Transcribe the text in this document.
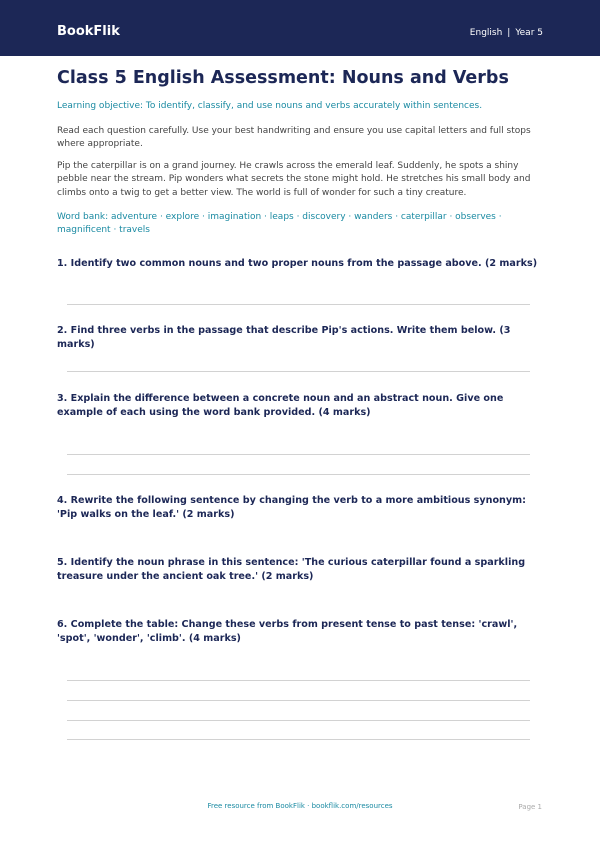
BookFlik	English | Year 5
Class 5 English Assessment: Nouns and Verbs

Learning objective: To identify, classify, and use nouns and verbs accurately within sentences.

Read each question carefully. Use your best handwriting and ensure you use capital letters and full stops where appropriate.

Pip the caterpillar is on a grand journey. He crawls across the emerald leaf. Suddenly, he spots a shiny pebble near the stream. Pip wonders what secrets the stone might hold. He stretches his small body and climbs onto a twig to get a better view. The world is full of wonder for such a tiny creature.

Word bank: adventure · explore · imagination · leaps · discovery · wanders · caterpillar · observes · magnificent · travels

1. Identify two common nouns and two proper nouns from the passage above. (2 marks)
2. Find three verbs in the passage that describe Pip's actions. Write them below. (3 marks)
3. Explain the difference between a concrete noun and an abstract noun. Give one example of each using the word bank provided. (4 marks)
4. Rewrite the following sentence by changing the verb to a more ambitious synonym: 'Pip walks on the leaf.' (2 marks)
5. Identify the noun phrase in this sentence: 'The curious caterpillar found a sparkling treasure under the ancient oak tree.' (2 marks)
6. Complete the table: Change these verbs from present tense to past tense: 'crawl', 'spot', 'wonder', 'climb'. (4 marks)
Free resource from BookFlik · bookflik.com/resources	Page 1
